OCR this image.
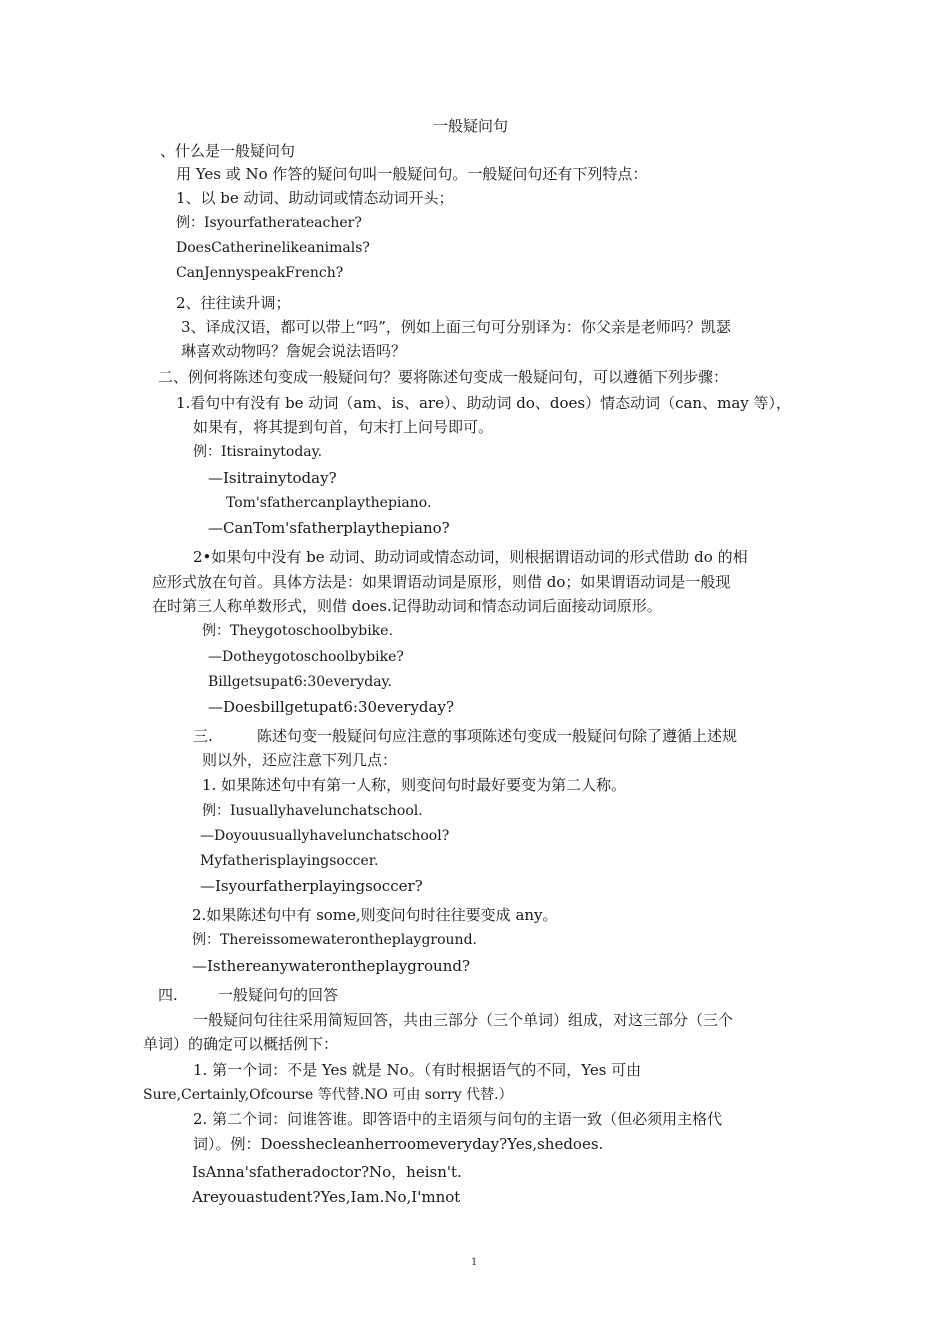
一般疑问句
、什么是一般疑问句
用 Yes 或 No 作答的疑问句叫一般疑问句。一般疑问句还有下列特点：
1、以 be 动词、助动词或情态动词开头；
例：Isyourfatherateacher?
DoesCatherinelikeanimals?
CanJennyspeakFrench?
2、往往读升调；
3、译成汉语，都可以带上“吗”，例如上面三句可分别译为：你父亲是老师吗？凯瑟
琳喜欢动物吗？詹妮会说法语吗？
二、例何将陈述句变成一般疑问句？要将陈述句变成一般疑问句，可以遵循下列步骤：
1.看句中有没有 be 动词（am、is、are）、助动词 do、does）情态动词（can、may 等），
如果有，将其提到句首，句末打上问号即可。
例：Itisrainytoday.
—Isitrainytoday?
Tom'sfathercanplaythepiano.
—CanTom'sfatherplaythepiano?
2•如果句中没有 be 动词、助动词或情态动词，则根据谓语动词的形式借助 do 的相
应形式放在句首。具体方法是：如果谓语动词是原形，则借 do；如果谓语动词是一般现
在时第三人称单数形式，则借 does.记得助动词和情态动词后面接动词原形。
例：Theygotoschoolbybike.
—Dotheygotoschoolbybike?
Billgetsupat6:30everyday.
—Doesbillgetupat6:30everyday?
三.	陈述句变一般疑问句应注意的事项陈述句变成一般疑问句除了遵循上述规
则以外，还应注意下列几点：
1. 如果陈述句中有第一人称，则变问句时最好要变为第二人称。
例：Iusuallyhavelunchatschool.
—Doyouusuallyhavelunchatschool?
Myfatherisplayingsoccer.
—Isyourfatherplayingsoccer?
2.如果陈述句中有 some,则变问句时往往要变成 any。
例：Thereissomewaterontheplayground.
—Isthereanywaterontheplayground?
四.	一般疑问句的回答
一般疑问句往往采用简短回答，共由三部分（三个单词）组成，对这三部分（三个
单词）的确定可以概括例下：
1. 第一个词：不是 Yes 就是 No。（有时根据语气的不同，Yes 可由
Sure,Certainly,Ofcourse 等代替.NO 可由 sorry 代替.）
2. 第二个词：问谁答谁。即答语中的主语须与问句的主语一致（但必须用主格代
词）。例：Doesshecleanherroomeveryday?Yes,shedoes.
IsAnna'sfatheradoctor?No，heisn't.
Areyouastudent?Yes,Iam.No,I'mnot
1
